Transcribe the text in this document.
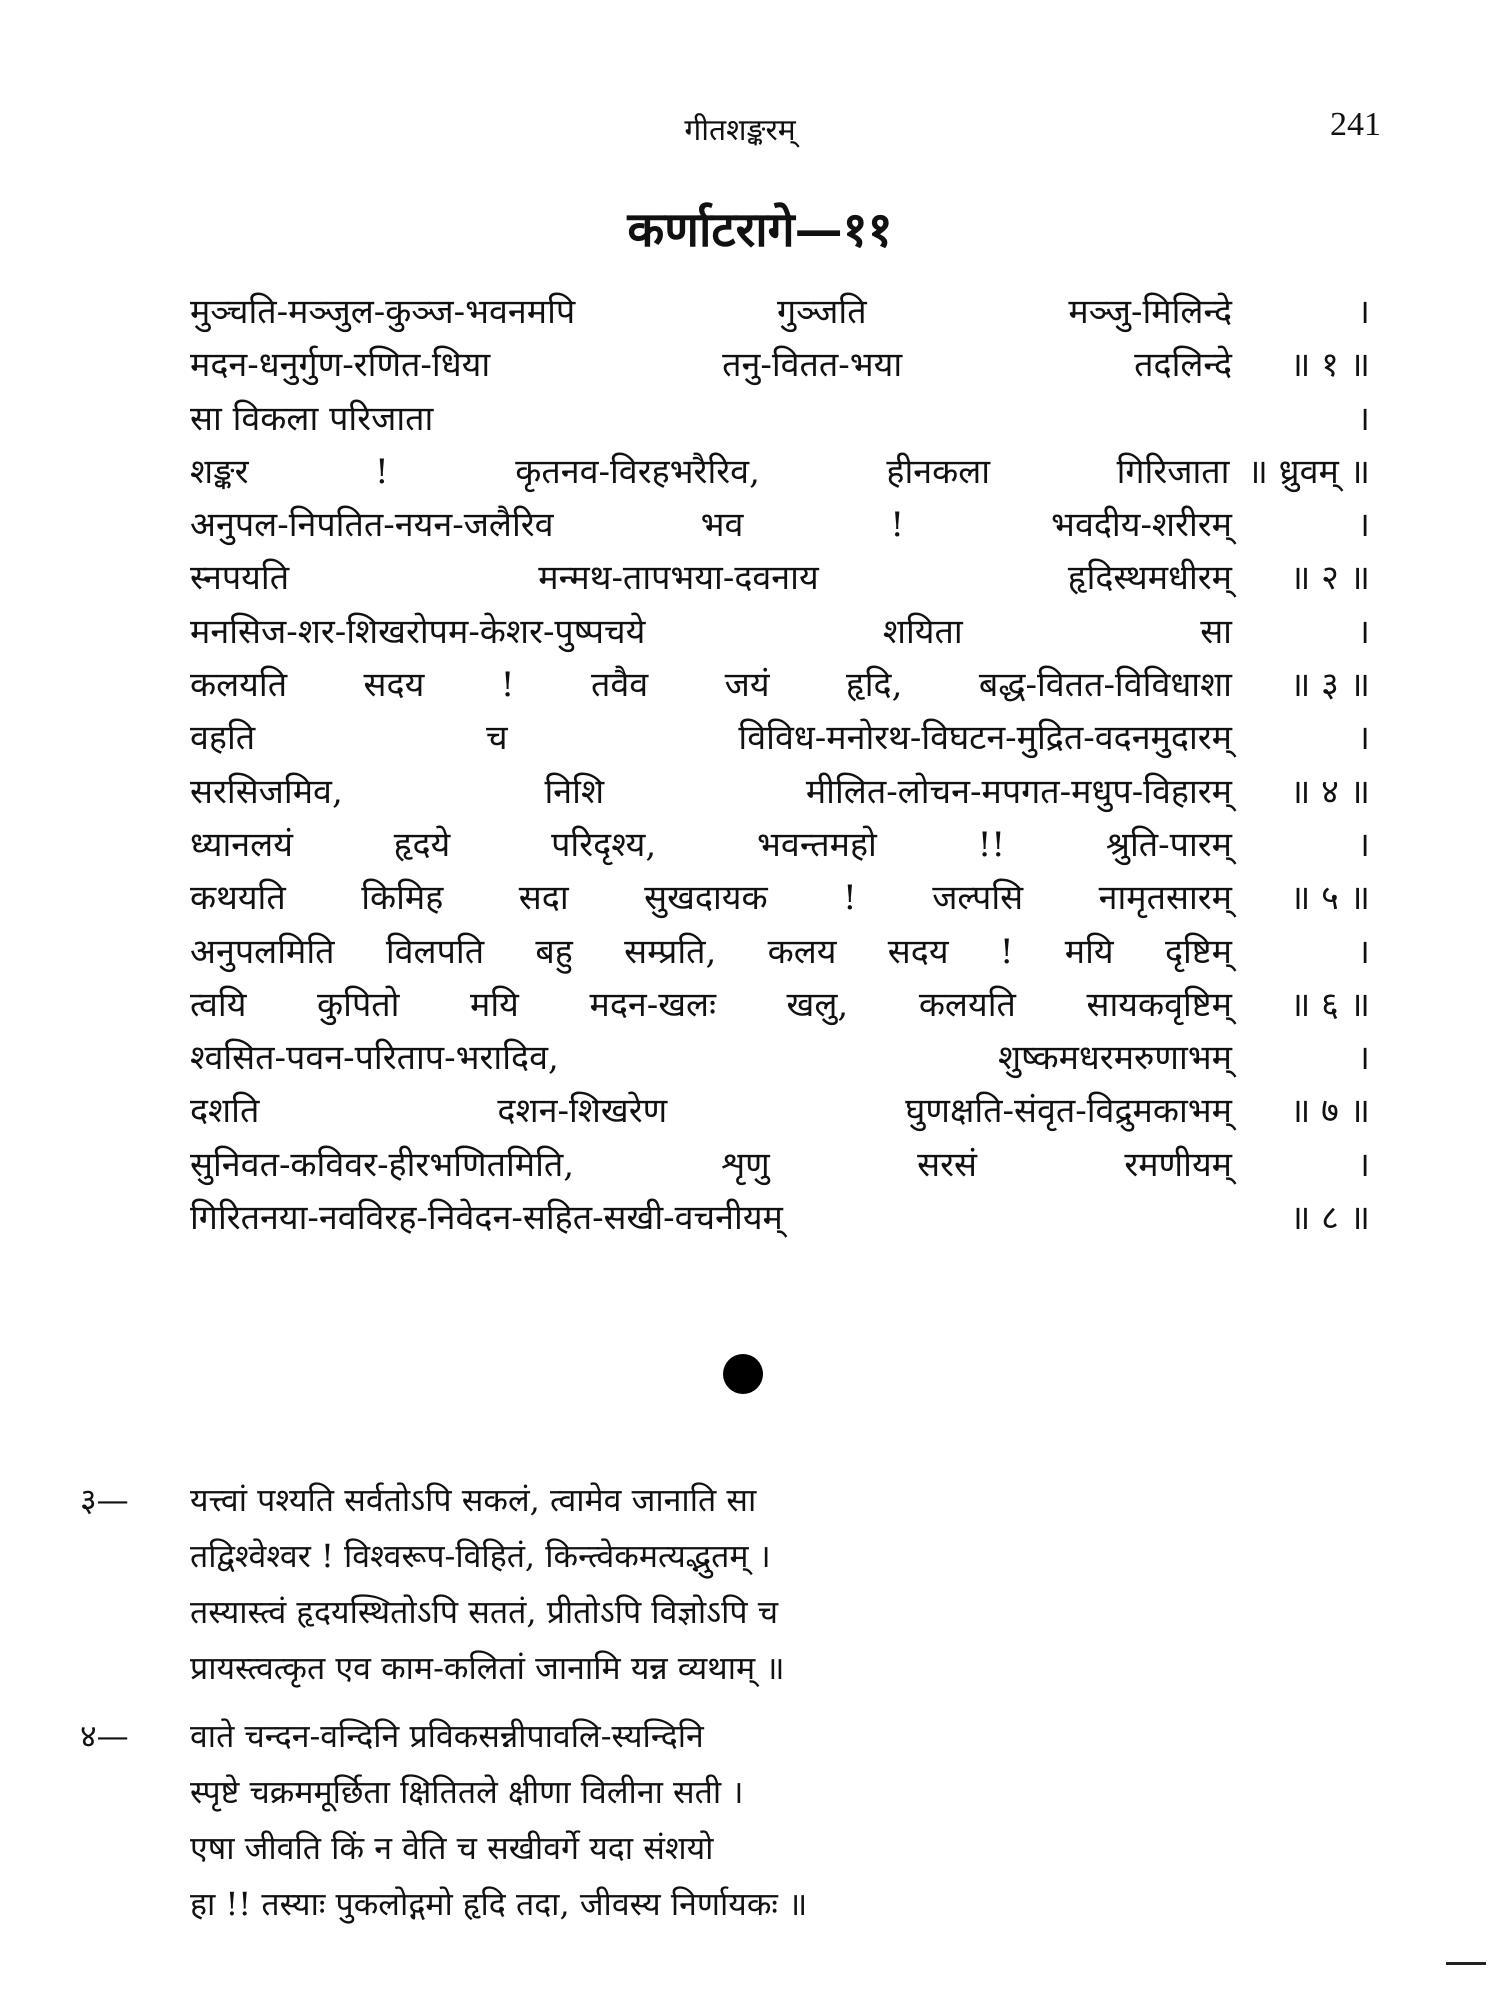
गीतशङ्करम्	241
कर्णाटरागे—११
मुञ्चति-मञ्जुल-कुञ्ज-भवनमपि गुञ्जति मञ्जु-मिलिन्दे	।
मदन-धनुर्गुण-रणित-धिया तनु-वितत-भया तदलिन्दे	॥ १ ॥
सा विकला परिजाता	।
शङ्कर ! कृतनव-विरहभरैरिव, हीनकला गिरिजाता ॥ ध्रुवम् ॥
अनुपल-निपतित-नयन-जलैरिव भव ! भवदीय-शरीरम्	।
स्नपयति मन्मथ-तापभया-दवनाय हृदिस्थमधीरम्	॥ २ ॥
मनसिज-शर-शिखरोपम-केशर-पुष्पचये शयिता सा	।
कलयति सदय ! तवैव जयं हृदि, बद्ध-वितत-विविधाशा	॥ ३ ॥
वहति च विविध-मनोरथ-विघटन-मुद्रित-वदनमुदारम्	।
सरसिजमिव, निशि मीलित-लोचन-मपगत-मधुप-विहारम्	॥ ४ ॥
ध्यानलयं हृदये परिदृश्य, भवन्तमहो !! श्रुति-पारम्	।
कथयति किमिह सदा सुखदायक ! जल्पसि नामृतसारम्	॥ ५ ॥
अनुपलमिति विलपति बहु सम्प्रति, कलय सदय ! मयि दृष्टिम्	।
त्वयि कुपितो मयि मदन-खलः खलु, कलयति सायकवृष्टिम्	॥ ६ ॥
श्वसित-पवन-परिताप-भरादिव, शुष्कमधरमरुणाभम्	।
दशति दशन-शिखरेण घुणक्षति-संवृत-विद्रुमकाभम्	॥ ७ ॥
सुनिवत-कविवर-हीरभणितमिति, शृणु सरसं रमणीयम्	।
गिरितनया-नवविरह-निवेदन-सहित-सखी-वचनीयम्	॥ ८ ॥
३—	यत्त्वां पश्यति सर्वतोऽपि सकलं, त्वामेव जानाति सा
तद्विश्वेश्वर ! विश्वरूप-विहितं, किन्त्वेकमत्यद्भुतम् ।
तस्यास्त्वं हृदयस्थितोऽपि सततं, प्रीतोऽपि विज्ञोऽपि च
प्रायस्त्वत्कृत एव काम-कलितां जानामि यन्न व्यथाम् ॥
४—	वाते चन्दन-वन्दिनि प्रविकसन्नीपावलि-स्यन्दिनि
स्पृष्टे चक्रममूर्छिता क्षितितले क्षीणा विलीना सती ।
एषा जीवति किं न वेति च सखीवर्गे यदा संशयो
हा !! तस्याः पुकलोद्गमो हृदि तदा, जीवस्य निर्णायकः ॥
